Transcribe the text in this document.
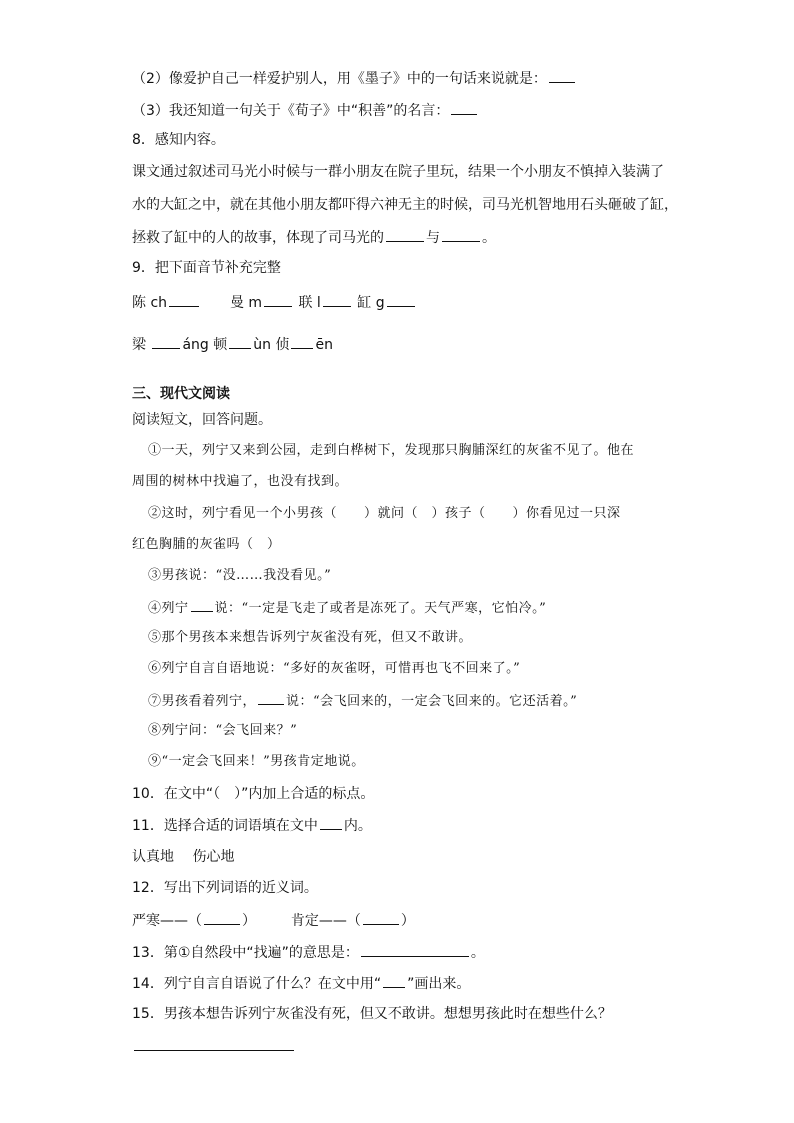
（2）像爱护自己一样爱护别人，用《墨子》中的一句话来说就是：
（3）我还知道一句关于《荀子》中“积善”的名言：
8．感知内容。
课文通过叙述司马光小时候与一群小朋友在院子里玩，结果一个小朋友不慎掉入装满了
水的大缸之中，就在其他小朋友都吓得六神无主的时候，司马光机智地用石头砸破了缸，
拯救了缸中的人的故事，体现了司马光的	与	。
9．把下面音节补充完整
陈 ch	曼 m	联 l	缸 g
梁 áng 顿 ùn 侦 ēn
三、现代文阅读
阅读短文，回答问题。
①一天，列宁又来到公园，走到白桦树下，发现那只胸脯深红的灰雀不见了。他在
周围的树林中找遍了，也没有找到。
②这时，列宁看见一个小男孩（　　）就问（　）孩子（　　）你看见过一只深
红色胸脯的灰雀吗（　）
③男孩说：“没……我没看见。”
④列宁 说：“一定是飞走了或者是冻死了。天气严寒，它怕冷。”
⑤那个男孩本来想告诉列宁灰雀没有死，但又不敢讲。
⑥列宁自言自语地说：“多好的灰雀呀，可惜再也飞不回来了。”
⑦男孩看着列宁， 说：“会飞回来的，一定会飞回来的。它还活着。”
⑧列宁问：“会飞回来？”
⑨“一定会飞回来！”男孩肯定地说。
10．在文中“（　）”内加上合适的标点。
11．选择合适的词语填在文中 内。
认真地　 伤心地
12．写出下列词语的近义词。
严寒——（	） 肯定——（	）
13．第①自然段中“找遍”的意思是：	。
14．列宁自言自语说了什么？在文中用“ ”画出来。
15．男孩本想告诉列宁灰雀没有死，但又不敢讲。想想男孩此时在想些什么？
